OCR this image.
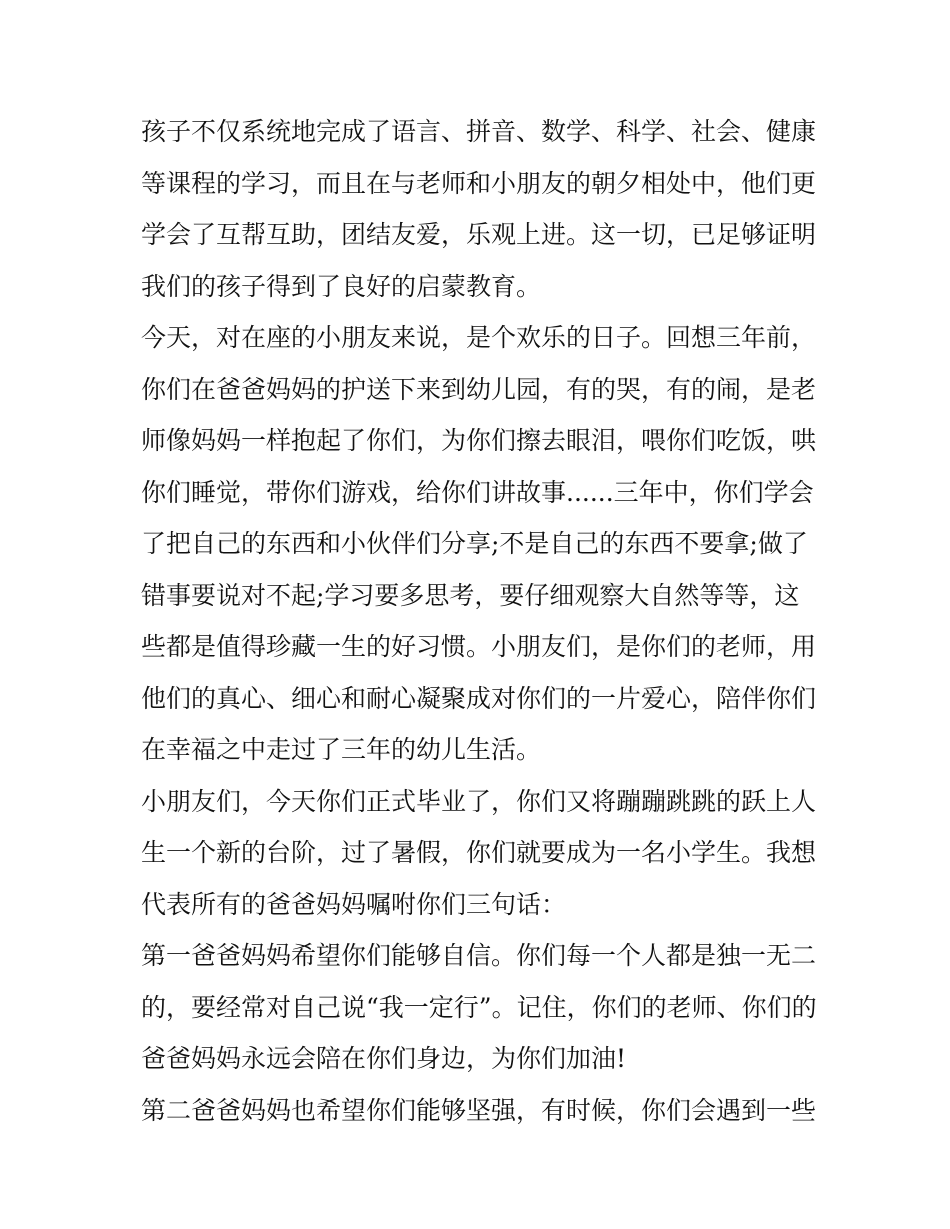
孩子不仅系统地完成了语言、拼音、数学、科学、社会、健康
等课程的学习，而且在与老师和小朋友的朝夕相处中，他们更
学会了互帮互助，团结友爱，乐观上进。这一切，已足够证明
我们的孩子得到了良好的启蒙教育。
今天，对在座的小朋友来说，是个欢乐的日子。回想三年前，
你们在爸爸妈妈的护送下来到幼儿园，有的哭，有的闹，是老
师像妈妈一样抱起了你们，为你们擦去眼泪，喂你们吃饭，哄
你们睡觉，带你们游戏，给你们讲故事......三年中，你们学会
了把自己的东西和小伙伴们分享;不是自己的东西不要拿;做了
错事要说对不起;学习要多思考，要仔细观察大自然等等，这
些都是值得珍藏一生的好习惯。小朋友们，是你们的老师，用
他们的真心、细心和耐心凝聚成对你们的一片爱心，陪伴你们
在幸福之中走过了三年的幼儿生活。
小朋友们，今天你们正式毕业了，你们又将蹦蹦跳跳的跃上人
生一个新的台阶，过了暑假，你们就要成为一名小学生。我想
代表所有的爸爸妈妈嘱咐你们三句话：
第一爸爸妈妈希望你们能够自信。你们每一个人都是独一无二
的，要经常对自己说“我一定行”。记住，你们的老师、你们的
爸爸妈妈永远会陪在你们身边，为你们加油!
第二爸爸妈妈也希望你们能够坚强，有时候，你们会遇到一些
